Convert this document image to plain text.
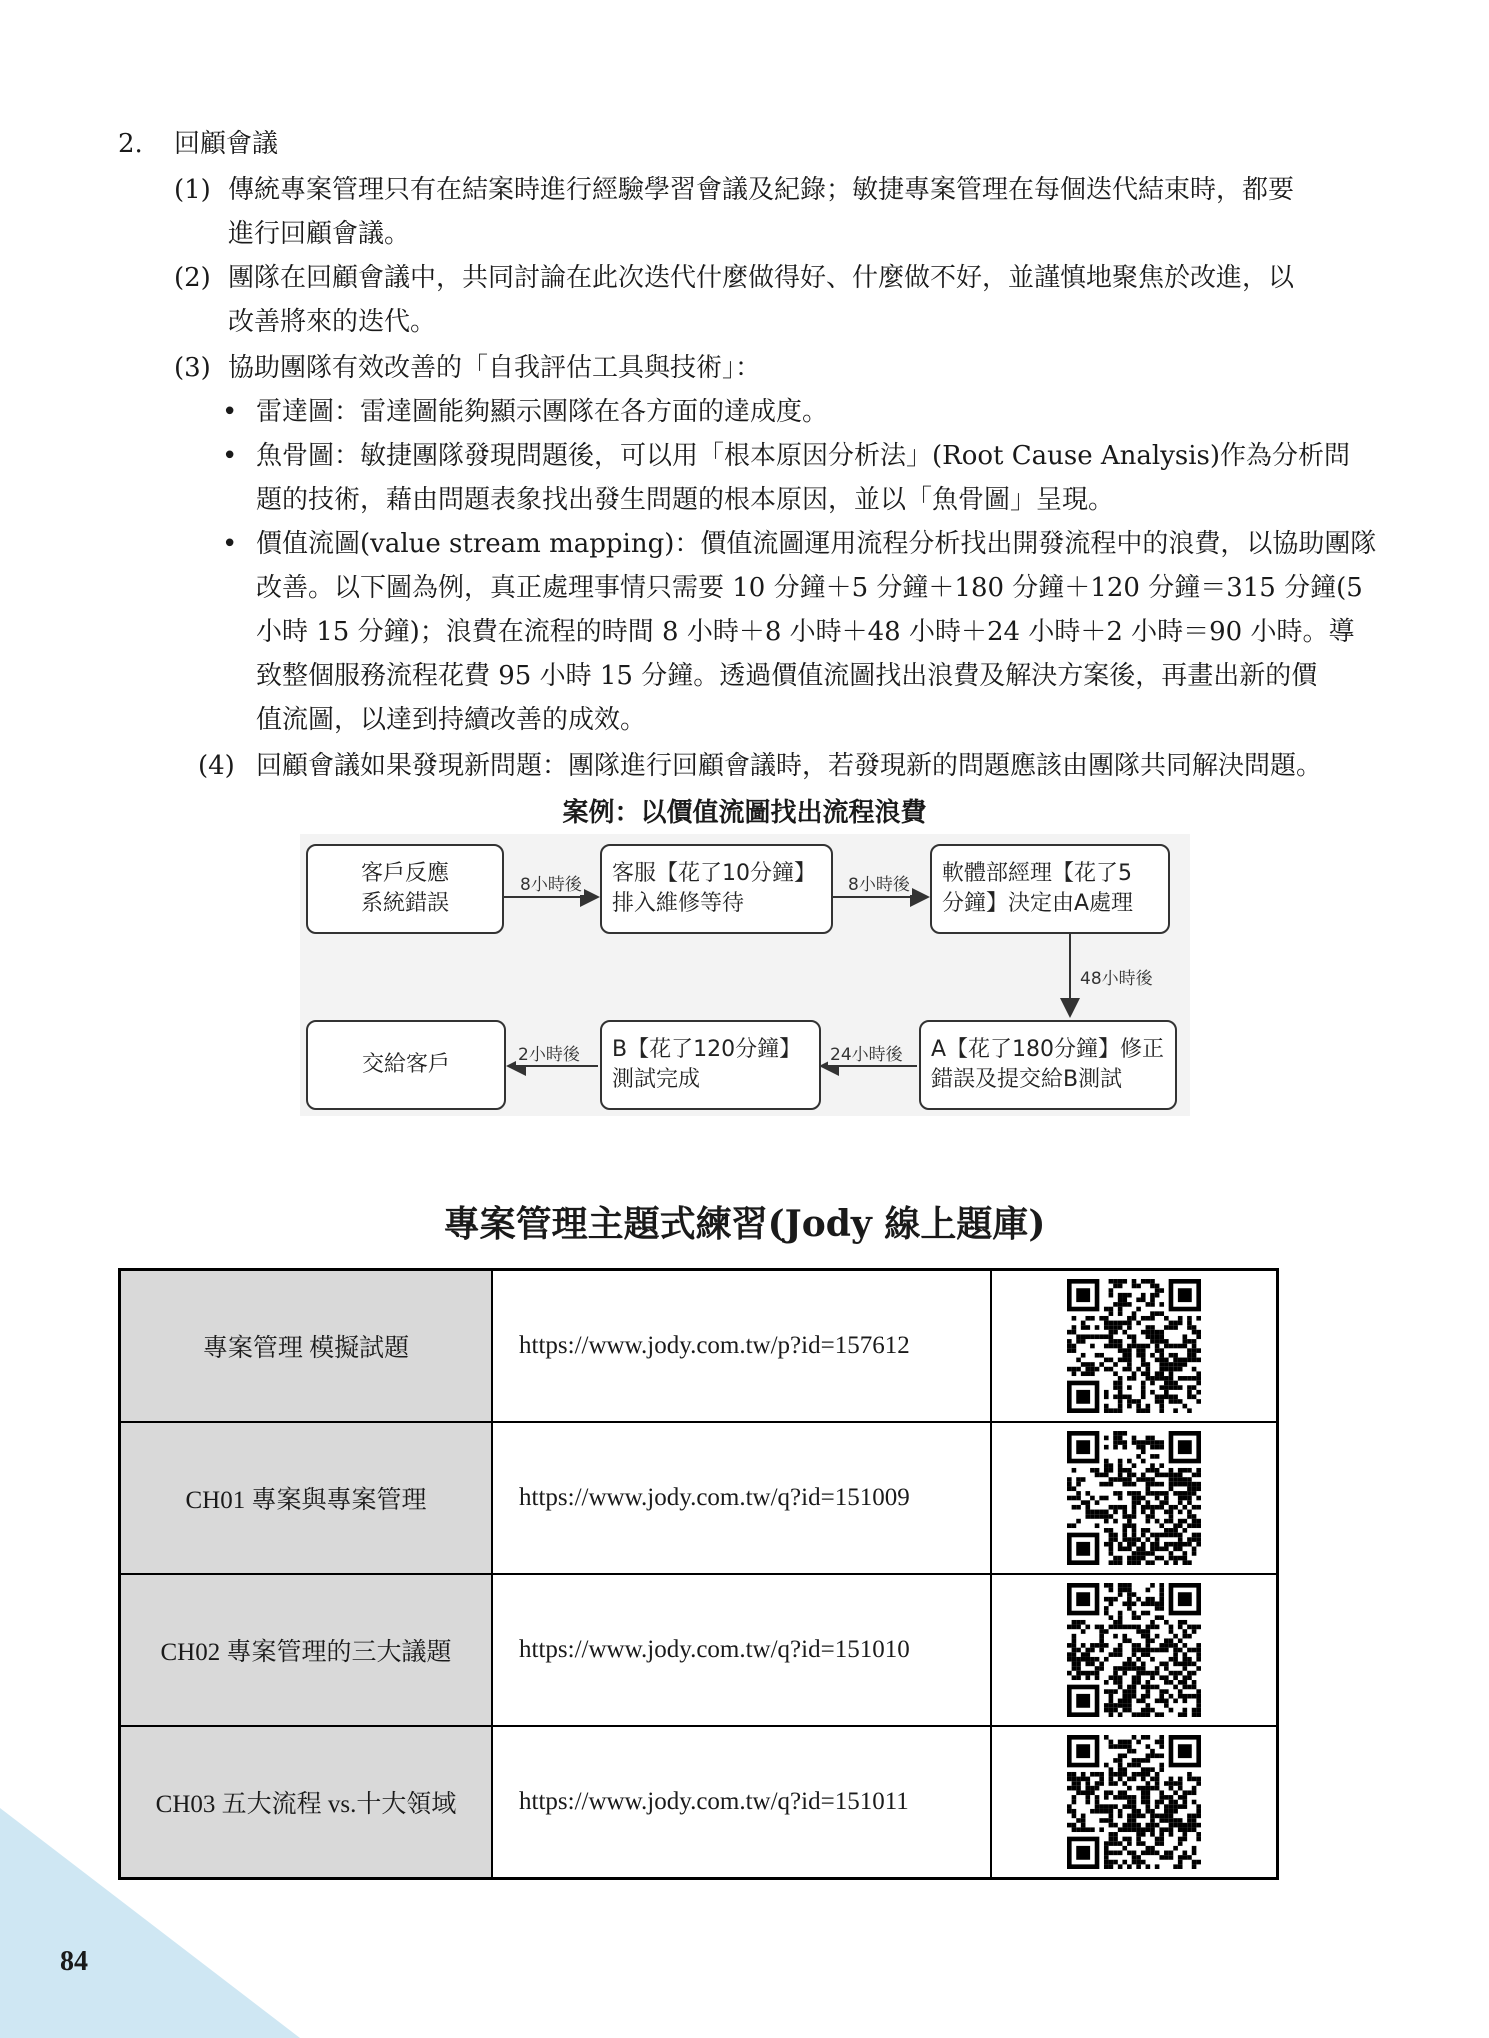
2. 回顧會議
(1) 傳統專案管理只有在結案時進行經驗學習會議及紀錄；敏捷專案管理在每個迭代結束時，都要
進行回顧會議。
(2) 團隊在回顧會議中，共同討論在此次迭代什麼做得好、什麼做不好，並謹慎地聚焦於改進，以
改善將來的迭代。
(3) 協助團隊有效改善的「自我評估工具與技術」：
• 雷達圖：雷達圖能夠顯示團隊在各方面的達成度。
• 魚骨圖：敏捷團隊發現問題後，可以用「根本原因分析法」(Root Cause Analysis)作為分析問
題的技術，藉由問題表象找出發生問題的根本原因，並以「魚骨圖」呈現。
• 價值流圖(value stream mapping)：價值流圖運用流程分析找出開發流程中的浪費，以協助團隊
改善。以下圖為例，真正處理事情只需要 10 分鐘＋5 分鐘＋180 分鐘＋120 分鐘＝315 分鐘(5
小時 15 分鐘)；浪費在流程的時間 8 小時＋8 小時＋48 小時＋24 小時＋2 小時＝90 小時。導
致整個服務流程花費 95 小時 15 分鐘。透過價值流圖找出浪費及解決方案後，再畫出新的價
值流圖，以達到持續改善的成效。
(4) 回顧會議如果發現新問題：團隊進行回顧會議時，若發現新的問題應該由團隊共同解決問題。
案例：以價值流圖找出流程浪費
客戶反應
系統錯誤
客服【花了10分鐘】
排入維修等待
軟體部經理【花了5
分鐘】決定由A處理
A【花了180分鐘】修正
錯誤及提交給B測試
B【花了120分鐘】
測試完成
交給客戶
8小時後	8小時後
48小時後
24小時後
2小時後
專案管理主題式練習(Jody 線上題庫)
專案管理 模擬試題	https://www.jody.com.tw/p?id=157612	
CH01 專案與專案管理	https://www.jody.com.tw/q?id=151009	
CH02 專案管理的三大議題	https://www.jody.com.tw/q?id=151010	
CH03 五大流程 vs.十大領域	https://www.jody.com.tw/q?id=151011	
84
